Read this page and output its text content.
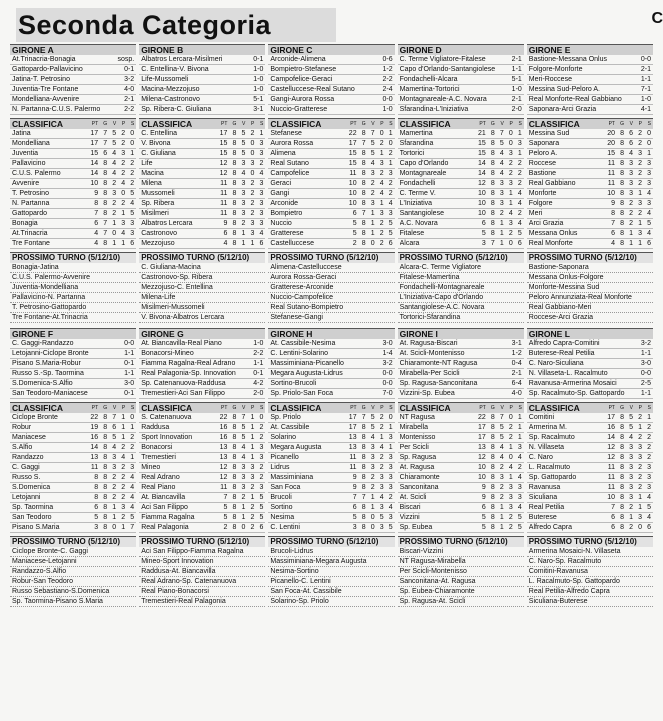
Seconda Categoria	C
GIRONE A
At.Trinacria-Bonagia	sosp.
Gattopardo-Pallavicino	0-1
Jatina-T. Petrosino	3-2
Juventia-Tre Fontane	4-0
Mondelliana-Avvenire	2-1
N. Partanna-C.U.S. Palermo	2-2
CLASSIFICA	PT	G	V	P	S
Jatina	17 7 5 2 0
Mondelliana	17 7 5 2 0
Juventia	15 6 4 3 1
Pallavicino	14 8 4 2 2
C.U.S. Palermo	14 8 4 2 2
Avvenire	10 8 2 4 2
T. Petrosino	9 8 3 0 5
N. Partanna	8 8 2 2 4
Gattopardo	7 8 2 1 5
Bonagia	6 7 1 3 3
At.Trinacria	4 7 0 4 3
Tre Fontane	4 8 1 1 6
PROSSIMO TURNO (5/12/10)
Bonagia-Jatina
C.U.S. Palermo-Avvenire
Juventia-Mondelliana
Pallavicino-N. Partanna
T. Petrosino-Gattopardo
Tre Fontane-At.Trinacria
GIRONE B
Albatros Lercara-Misilmeri	0-1
C. Entellina-V. Bivona	1-0
Life-Mussomeli	1-0
Macina-Mezzojuso	1-0
Milena-Castronovo	5-1
Sp. Ribera-C. Giuliana	3-1
CLASSIFICA	PT	G	V	P	S
C. Entellina	17 8 5 2 1
V. Bivona	15 8 5 0 3
C. Giuliana	15 8 5 0 3
Life	12 8 3 3 2
Macina	12 8 4 0 4
Milena	11 8 3 2 3
Mussomeli	11 8 3 2 3
Sp. Ribera	11 8 3 2 3
Misilmeri	11 8 3 2 3
Albatros Lercara	9 8 2 3 3
Castronovo	6 8 1 3 4
Mezzojuso	4 8 1 1 6
PROSSIMO TURNO (5/12/10)
C. Giuliana-Macina
Castronovo-Sp. Ribera
Mezzojuso-C. Entellina
Milena-Life
Misilmeri-Mussomeli
V. Bivona-Albatros Lercara
GIRONE C
Arconide-Alimena	0-6
Bompietro-Stefanese	1-2
Campofelice-Geraci	2-2
Castelluccese-Real Sutano	2-4
Gangi-Aurora Rossa	0-0
Nuccio-Gratterese	1-0
CLASSIFICA	PT	G	V	P	S
Stefanese	22 8 7 0 1
Aurora Rossa	17 7 5 2 0
Alimena	15 8 5 1 2
Real Sutano	15 8 4 3 1
Campofelice	11 8 3 2 3
Geraci	10 8 2 4 2
Gangi	10 8 2 4 2
Arconide	10 8 3 1 4
Bompietro	6 7 1 3 3
Nuccio	5 8 1 2 5
Gratterese	5 8 1 2 5
Castelluccese	2 8 0 2 6
PROSSIMO TURNO (5/12/10)
Alimena-Castelluccese
Aurora Rossa-Geraci
Gratterese-Arconide
Nuccio-Campofelice
Real Sutano-Bompietro
Stefanese-Gangi
GIRONE D
C. Terme Vigliatore-Fitalese	2-1
Capo d'Orlando-Santangiolese 1-1
Fondachelli-Alcara	5-1
Mamertina-Tortorici	1-0
Montagnareale-A.C. Novara	2-1
Sfarandina-L'Iniziativa	2-0
CLASSIFICA	PT	G	V	P	S
Mamertina	21 8 7 0 1
Sfarandina	15 8 5 0 3
Tortorici	15 8 4 3 1
Capo d'Orlando	14 8 4 2 2
Montagnareale	14 8 4 2 2
Fondachelli	12 8 3 3 2
C. Terme V.	10 8 3 1 4
L'Iniziativa	10 8 3 1 4
Santangiolese	10 8 2 4 2
A.C. Novara	6 8 1 3 4
Fitalese	5 8 1 2 5
Alcara	3 7 1 0 6
PROSSIMO TURNO (5/12/10)
Alcara-C. Terme Vigliatore
Fitalese-Mamertina
Fondachelli-Montagnareale
L'Iniziativa-Capo d'Orlando
Santangiolese-A.C. Novara
Tortorici-Sfarandina
GIRONE E
Bastione-Messana Onlus	0-0
Folgore-Monforte	2-1
Meri-Roccese	1-1
Messina Sud-Peloro A.	7-1
Real Monforte-Real Gabbiano	1-0
Saponara-Arci Grazia	4-1
CLASSIFICA	PT	G	V	P	S
Messina Sud	20 8 6 2 0
Saponara	20 8 6 2 0
Peloro A.	15 8 4 3 1
Roccese	11 8 3 2 3
Bastione	11 8 3 2 3
Real Gabbiano	11 8 3 2 3
Monforte	10 8 3 1 4
Folgore	9 8 2 3 3
Meri	8 8 2 2 4
Arci Grazia	7 8 2 1 5
Messana Onlus	6 8 1 3 4
Real Monforte	4 8 1 1 6
PROSSIMO TURNO (5/12/10)
Bastione-Saponara
Messana Onlus-Folgore
Monforte-Messina Sud
Peloro Annunziata-Real Monforte
Real Gabbiano-Meri
Roccese-Arci Grazia
GIRONE F
C. Gaggi-Randazzo	0-0
Letojanni-Ciclope Bronte	1-1
Pisano S.Maria-Robur	0-1
Russo S.-Sp. Taormina	1-1
S.Domenica-S.Alfio	3-0
San Teodoro-Maniacese	0-1
CLASSIFICA	PT	G	V	P	S
Ciclope Bronte	22 8 7 1 0
Robur	19 8 6 1 1
Maniacese	16 8 5 1 2
S.Alfio	14 8 4 2 2
Randazzo	13 8 3 4 1
C. Gaggi	11 8 3 2 3
Russo S.	8 8 2 2 4
S.Domenica	8 8 2 2 4
Letojanni	8 8 2 2 4
Sp. Taormina	6 8 1 3 4
San Teodoro	5 8 1 2 5
Pisano S.Maria	3 8 0 1 7
PROSSIMO TURNO (5/12/10)
Ciclope Bronte-C. Gaggi
Maniacese-Letojanni
Randazzo-S.Alfio
Robur-San Teodoro
Russo Sebastiano-S.Domenica
Sp. Taormina-Pisano S.Maria
GIRONE G
At. Biancavilla-Real Piano	1-0
Bonacorsi-Mineo	2-2
Fiamma Ragalna-Real Adrano	1-1
Real Palagonia-Sp. Innovation	0-1
Sp. Catenanuova-Raddusa	4-2
Tremestieri-Aci San Filippo	2-0
CLASSIFICA	PT	G	V	P	S
S. Catenanuova	22 8 7 1 0
Raddusa	16 8 5 1 2
Sport Innovation	16 8 5 1 2
Bonacorsi	13 8 4 1 3
Tremestieri	13 8 4 1 3
Mineo	12 8 3 3 2
Real Adrano	12 8 3 3 2
Real Piano	11 8 3 2 3
At. Biancavilla	7 8 2 1 5
Aci San Filippo	5 8 1 2 5
Fiamma Ragalna	5 8 1 2 5
Real Palagonia	2 8 0 2 6
PROSSIMO TURNO (5/12/10)
Aci San Filippo-Fiamma Ragalna
Mineo-Sport Innovation
Raddusa-At. Biancavilla
Real Adrano-Sp. Catenanuova
Real Piano-Bonacorsi
Tremestieri-Real Palagonia
GIRONE H
At. Cassibile-Nesima	3-0
C. Lentini-Solarino	1-4
Massiminiana-Picanello	3-2
Megara Augusta-Lidrus	0-0
Sortino-Brucoli	0-0
Sp. Priolo-San Foca	7-0
CLASSIFICA	PT	G	V	P	S
Sp. Priolo	17 7 5 2 0
At. Cassibile	17 8 5 2 1
Solarino	13 8 4 1 3
Megara Augusta	13 8 3 4 1
Picanello	11 8 3 2 3
Lidrus	11 8 3 2 3
Massiminiana	9 8 2 3 3
San Foca	9 8 2 3 3
Brucoli	7 7 1 4 2
Sortino	6 8 1 3 4
Nesima	5 8 0 5 3
C. Lentini	3 8 0 3 5
PROSSIMO TURNO (5/12/10)
Brucoli-Lidrus
Massiminiana-Megara Augusta
Nesima-Sortino
Picanello-C. Lentini
San Foca-At. Cassibile
Solarino-Sp. Priolo
GIRONE I
At. Ragusa-Biscari	3-1
At. Scicli-Montenisso	1-2
Chiaramonte-NT Ragusa	0-4
Mirabella-Per Scicli	2-1
Sp. Ragusa-Sanconitana	6-4
Vizzini-Sp. Eubea	4-0
CLASSIFICA	PT	G	V	P	S
NT Ragusa	22 8 7 0 1
Mirabella	17 8 5 2 1
Montenisso	17 8 5 2 1
Per Scicli	13 8 4 1 3
Sp. Ragusa	12 8 4 0 4
At. Ragusa	10 8 2 4 2
Chiaramonte	10 8 3 1 4
Sanconitana	9 8 2 3 3
At. Scicli	9 8 2 3 3
Biscari	6 8 1 3 4
Vizzini	5 8 1 2 5
Sp. Eubea	5 8 1 2 5
PROSSIMO TURNO (5/12/10)
Biscari-Vizzini
NT Ragusa-Mirabella
Per Scicli-Montenisso
Sanconitana-At. Ragusa
Sp. Eubea-Chiaramonte
Sp. Ragusa-At. Scicli
GIRONE L
Alfredo Capra-Comitini	3-2
Buterese-Real Petilia	1-1
C. Naro-Siculiana	3-0
N. Villaseta-L. Racalmuto	0-0
Ravanusa-Armerina Mosaici	2-5
Sp. Racalmuto-Sp. Gattopardo 1-1
CLASSIFICA	PT	G	V	P	S
Comitini	17 8 5 2 1
Armerina M.	16 8 5 1 2
Sp. Racalmuto	14 8 4 2 2
N. Villaseta	12 8 3 3 2
C. Naro	12 8 3 3 2
L. Racalmuto	11 8 3 2 3
Sp. Gattopardo	11 8 3 2 3
Ravanusa	11 8 3 2 3
Siculiana	10 8 3 1 4
Real Petilia	7 8 2 1 5
Buterese	6 8 1 3 4
Alfredo Capra	6 8 2 0 6
PROSSIMO TURNO (5/12/10)
Armerina Mosaici-N. Villaseta
C. Naro-Sp. Racalmuto
Comitini-Ravanusa
L. Racalmuto-Sp. Gattopardo
Real Petilia-Alfredo Capra
Siculiana-Buterese
